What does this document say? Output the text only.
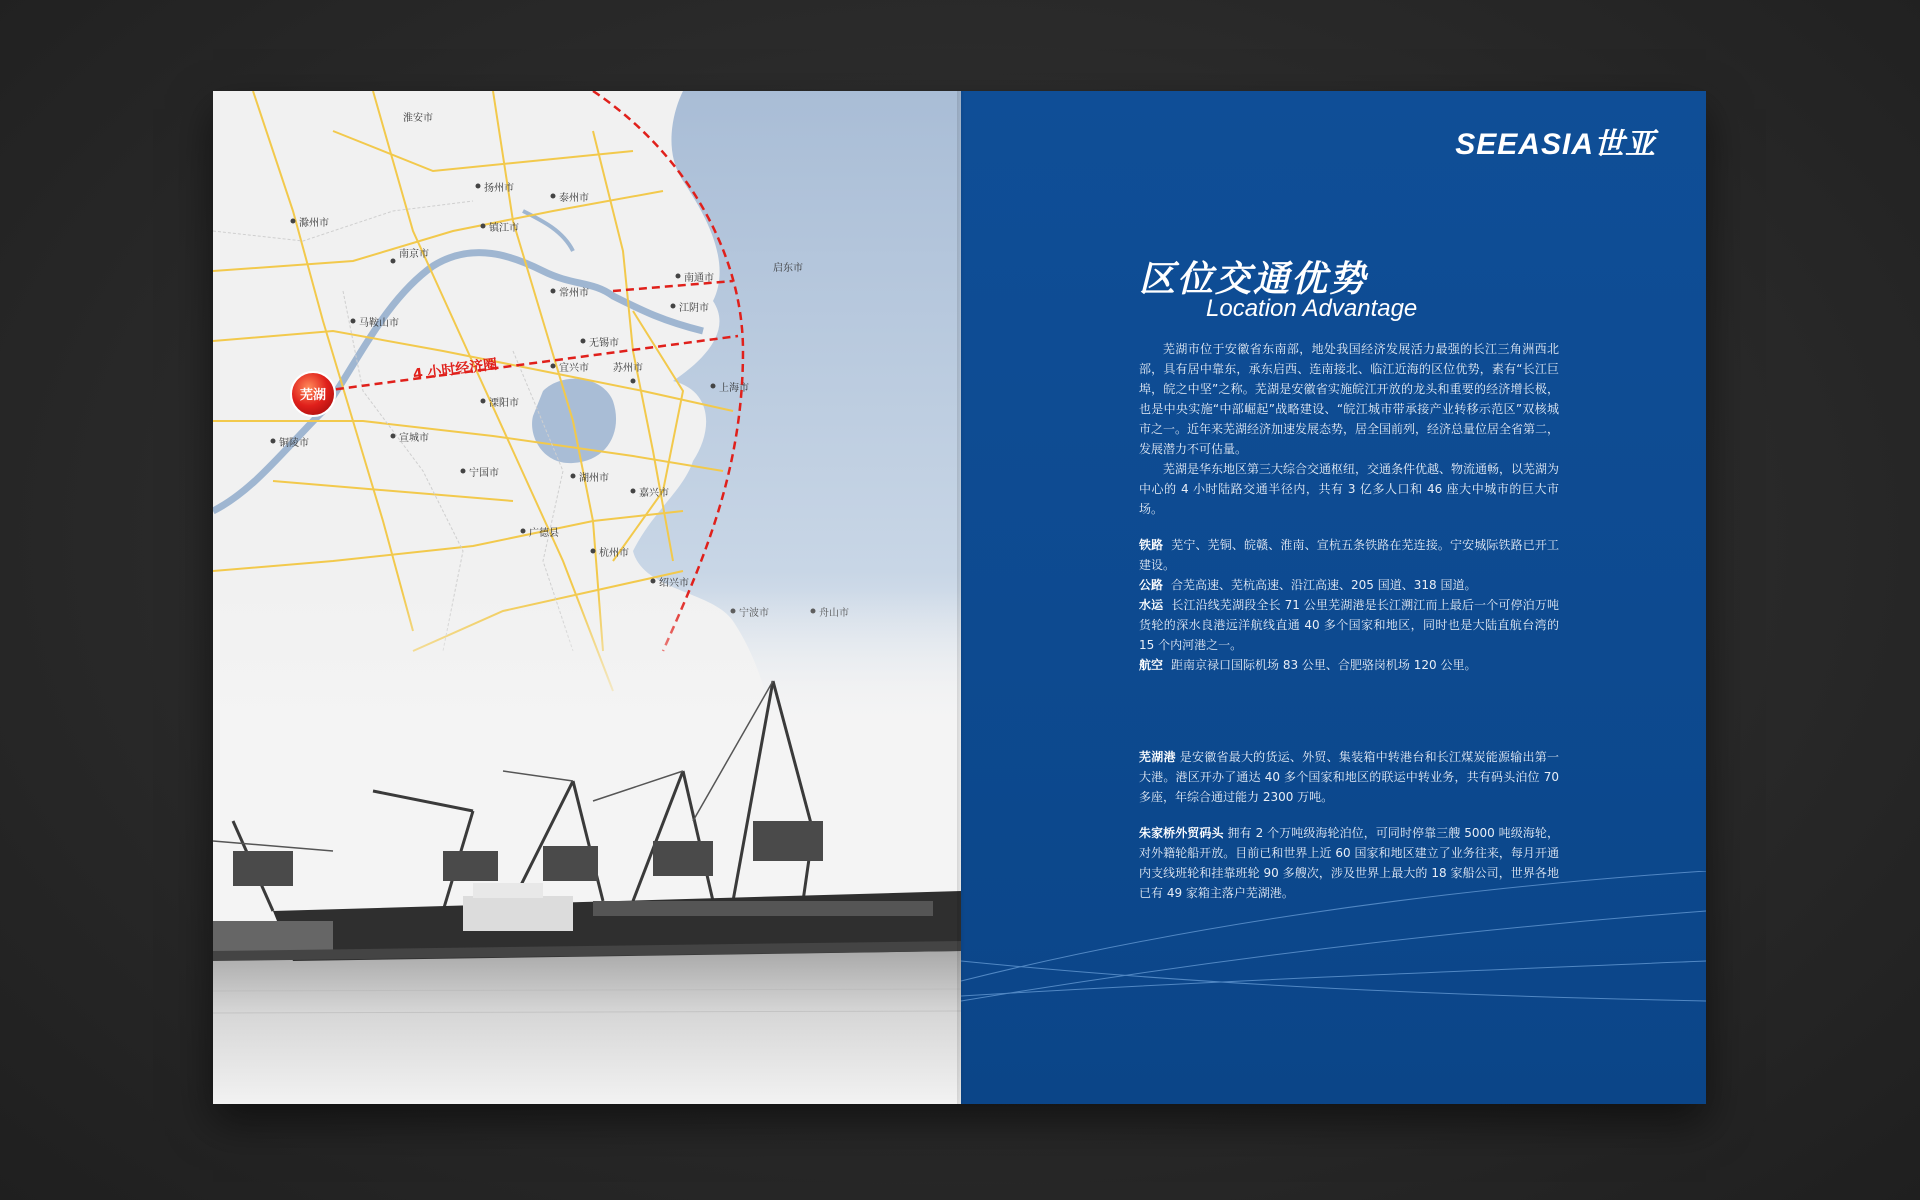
SEEASIA世亚
区位交通优势
Location Advantage

芜湖市位于安徽省东南部，地处我国经济发展活力最强的长江三角洲西北部，具有居中靠东，承东启西、连南接北、临江近海的区位优势，素有“长江巨埠，皖之中坚”之称。芜湖是安徽省实施皖江开放的龙头和重要的经济增长极，也是中央实施“中部崛起”战略建设、“皖江城市带承接产业转移示范区”双核城市之一。近年来芜湖经济加速发展态势，居全国前列，经济总量位居全省第二，发展潜力不可估量。

芜湖是华东地区第三大综合交通枢纽，交通条件优越、物流通畅，以芜湖为中心的 4 小时陆路交通半径内，共有 3 亿多人口和 46 座大中城市的巨大市场。

铁路 芜宁、芜铜、皖赣、淮南、宣杭五条铁路在芜连接。宁安城际铁路已开工建设。

公路 合芜高速、芜杭高速、沿江高速、205 国道、318 国道。

水运 长江沿线芜湖段全长 71 公里芜湖港是长江溯江而上最后一个可停泊万吨货轮的深水良港远洋航线直通 40 多个国家和地区，同时也是大陆直航台湾的 15 个内河港之一。

航空 距南京禄口国际机场 83 公里、合肥骆岗机场 120 公里。

芜湖港 是安徽省最大的货运、外贸、集装箱中转港台和长江煤炭能源输出第一大港。港区开办了通达 40 多个国家和地区的联运中转业务，共有码头泊位 70 多座，年综合通过能力 2300 万吨。

朱家桥外贸码头 拥有 2 个万吨级海轮泊位，可同时停靠三艘 5000 吨级海轮，对外籍轮船开放。目前已和世界上近 60 国家和地区建立了业务往来，每月开通内支线班轮和挂靠班轮 90 多艘次，涉及世界上最大的 18 家船公司，世界各地已有 49 家箱主落户芜湖港。
